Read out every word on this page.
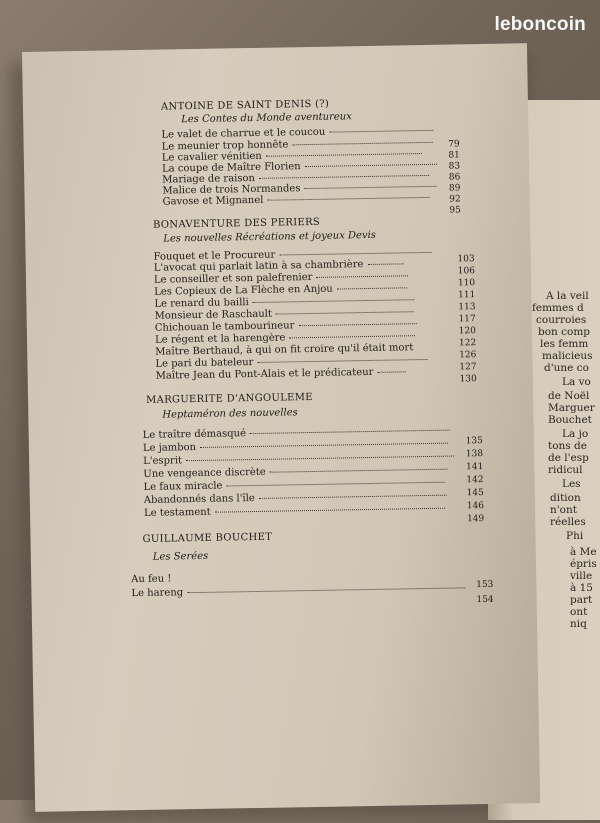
A la veil
femmes d
courroies
bon comp
les femm
malicieus
d'une co
La vo
de Noël
Marguer
Bouchet
La jo
tons de
de l'esp
ridicul
Les
dition
n'ont
réelles
Phi
à Me
épris
ville
à 15
part
ont
niq
ANTOINE DE SAINT DENIS (?)
Les Contes du Monde aventureux
Le valet de charrue et le coucou
Le meunier trop honnête
Le cavalier vénitien
La coupe de Maître Florien
Mariage de raison
Malice de trois Normandes
Gavose et Mignanel
79
81
83
86
89
92
95
BONAVENTURE DES PERIERS
Les nouvelles Récréations et joyeux Devis
Fouquet et le Procureur
L'avocat qui parlait latin à sa chambrière
Le conseiller et son palefrenier
Les Copieux de La Flèche en Anjou
Le renard du bailli
Monsieur de Raschault
Chichouan le tambourineur
Le régent et la harengère
Maître Berthaud, à qui on fit croire qu'il était mort
Le pari du bateleur
Maître Jean du Pont-Alais et le prédicateur
103
106
110
111
113
117
120
122
126
127
130
MARGUERITE D'ANGOULEME
Heptaméron des nouvelles
Le traître démasqué
Le jambon
L'esprit
Une vengeance discrète
Le faux miracle
Abandonnés dans l'île
Le testament
135
138
141
142
145
146
149
GUILLAUME BOUCHET
Les Serées
Au feu !
Le hareng
153
154
leboncoin
